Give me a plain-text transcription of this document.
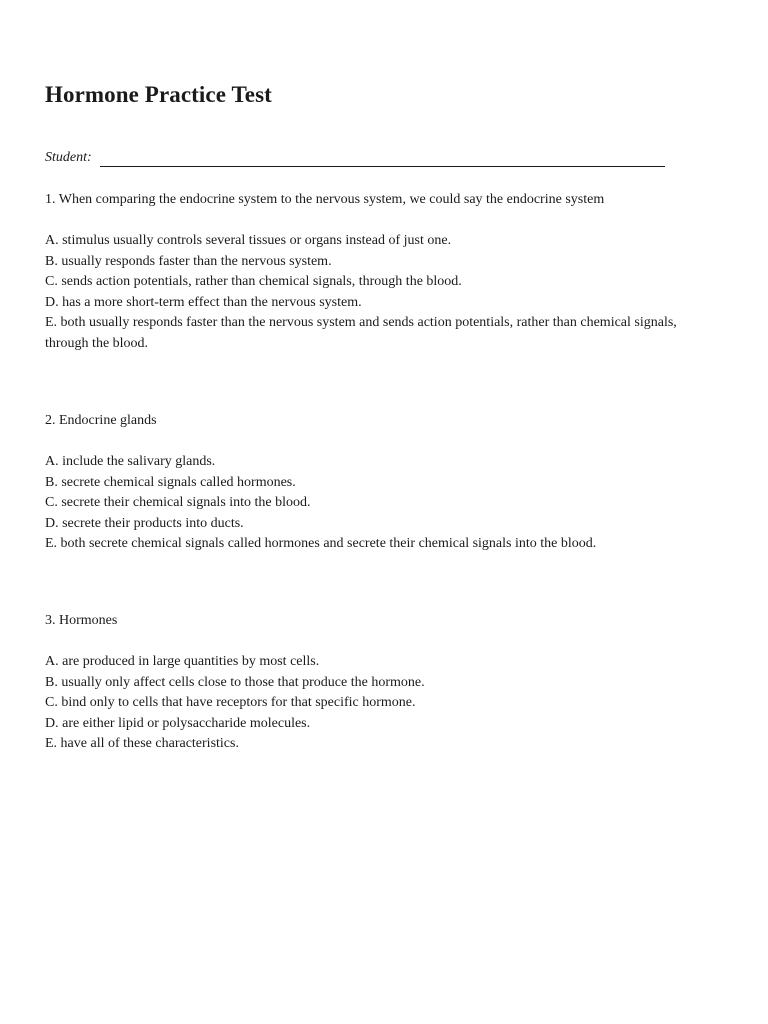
Hormone Practice Test
Student:

1. When comparing the endocrine system to the nervous system, we could say the endocrine system

A. stimulus usually controls several tissues or organs instead of just one.

B. usually responds faster than the nervous system.

C. sends action potentials, rather than chemical signals, through the blood.

D. has a more short-term effect than the nervous system.

E. both usually responds faster than the nervous system and sends action potentials, rather than chemical signals, through the blood.

2. Endocrine glands

A. include the salivary glands.

B. secrete chemical signals called hormones.

C. secrete their chemical signals into the blood.

D. secrete their products into ducts.

E. both secrete chemical signals called hormones and secrete their chemical signals into the blood.

3. Hormones

A. are produced in large quantities by most cells.

B. usually only affect cells close to those that produce the hormone.

C. bind only to cells that have receptors for that specific hormone.

D. are either lipid or polysaccharide molecules.

E. have all of these characteristics.
